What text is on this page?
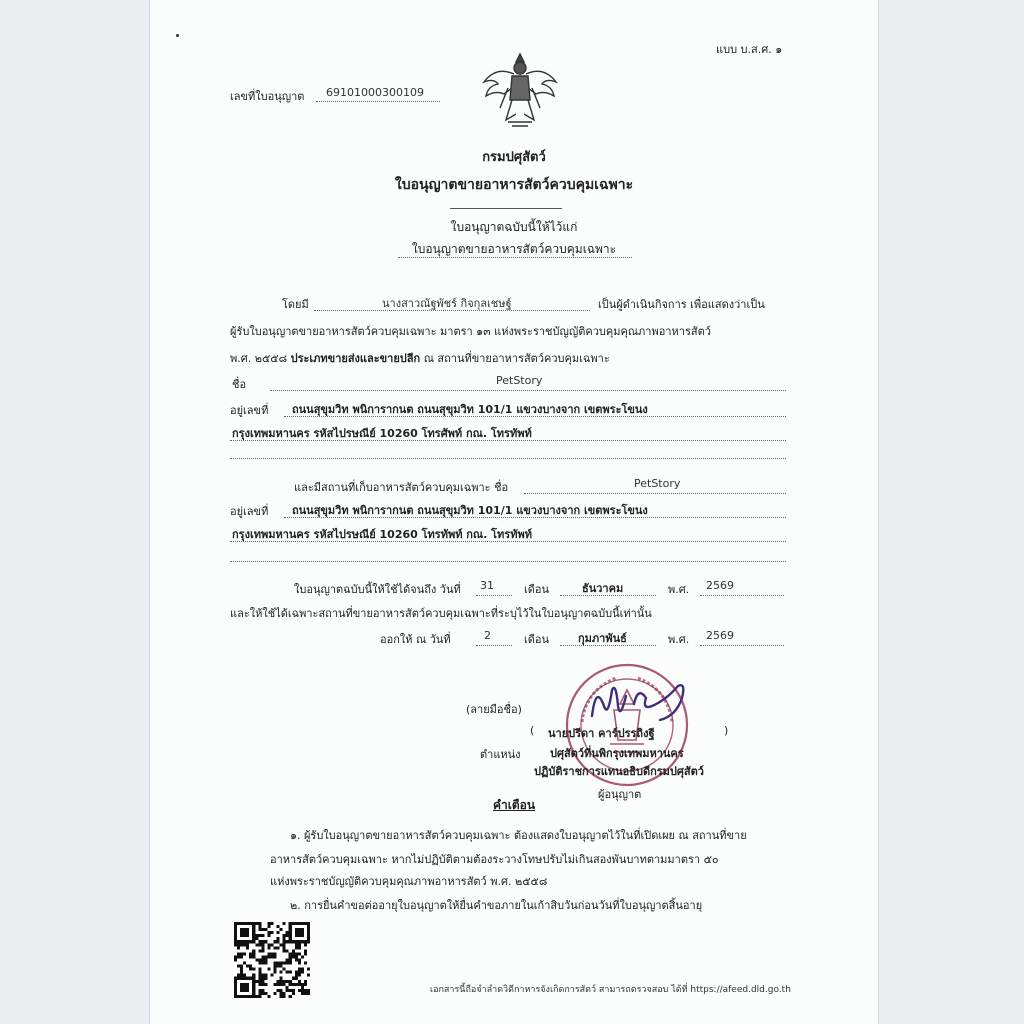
แบบ บ.ส.ศ. ๑
เลขที่ใบอนุญาต 69101000300109
กรมปศุสัตว์
ใบอนุญาตขายอาหารสัตว์ควบคุมเฉพาะ
ใบอนุญาตฉบับนี้ให้ไว้แก่
ใบอนุญาตขายอาหารสัตว์ควบคุมเฉพาะ
โดยมี	นางสาวณัฐพัชร์ กิจกุลเชษฐ์	เป็นผู้ดำเนินกิจการ เพื่อแสดงว่าเป็น
ผู้รับใบอนุญาตขายอาหารสัตว์ควบคุมเฉพาะ มาตรา ๑๓ แห่งพระราชบัญญัติควบคุมคุณภาพอาหารสัตว์
พ.ศ. ๒๕๕๘ ประเภทขายส่งและขายปลีก ณ สถานที่ขายอาหารสัตว์ควบคุมเฉพาะ
ชื่อ	PetStory
อยู่เลขที่ ถนนสุขุมวิท พนิการากนต ถนนสุขุมวิท 101/1 แขวงบางจาก เขตพระโขนง
กรุงเทพมหานคร รหัสไปรษณีย์ 10260 โทรศัพท์ กณ. โทรทัพท์
และมีสถานที่เก็บอาหารสัตว์ควบคุมเฉพาะ ชื่อ	PetStory
อยู่เลขที่ ถนนสุขุมวิท พนิการากนต ถนนสุขุมวิท 101/1 แขวงบางจาก เขตพระโขนง
กรุงเทพมหานคร รหัสไปรษณีย์ 10260 โทรทัพท์ กณ. โทรทัพท์
ใบอนุญาตฉบับนี้ให้ใช้ได้จนถึง วันที่ 31	เดือน	ธันวาคม	พ.ศ. 2569
และให้ใช้ได้เฉพาะสถานที่ขายอาหารสัตว์ควบคุมเฉพาะที่ระบุไว้ในใบอนุญาตฉบับนี้เท่านั้น
ออกให้ ณ วันที่	2	เดือน	กุมภาพันธ์	พ.ศ. 2569
(ลายมือชื่อ)
(	)
นายปรีดา คาร์ปรรถิงฐี
ตำแหน่ง	ปศุสัตว์ที่นพิกรุงเทพมหานคร
ปฏิบัติราชการแทนอธิบดีกรมปศุสัตว์
ผู้อนุญาต
คำเตือน
๑. ผู้รับใบอนุญาตขายอาหารสัตว์ควบคุมเฉพาะ ต้องแสดงใบอนุญาตไว้ในที่เปิดเผย ณ สถานที่ขาย
อาหารสัตว์ควบคุมเฉพาะ หากไม่ปฏิบัติตามต้องระวางโทษปรับไม่เกินสองพันบาทตามมาตรา ๕๐
แห่งพระราชบัญญัติควบคุมคุณภาพอาหารสัตว์ พ.ศ. ๒๕๕๘
๒. การยื่นคำขอต่ออายุใบอนุญาตให้ยื่นคำขอภายในเก้าสิบวันก่อนวันที่ใบอนุญาตสิ้นอายุ
เอกสารนี้ถือจำลำดวิดีกาหารจังเกิดการสัตว์ สามารถตรวจสอบ ได้ที่ https://afeed.dld.go.th
